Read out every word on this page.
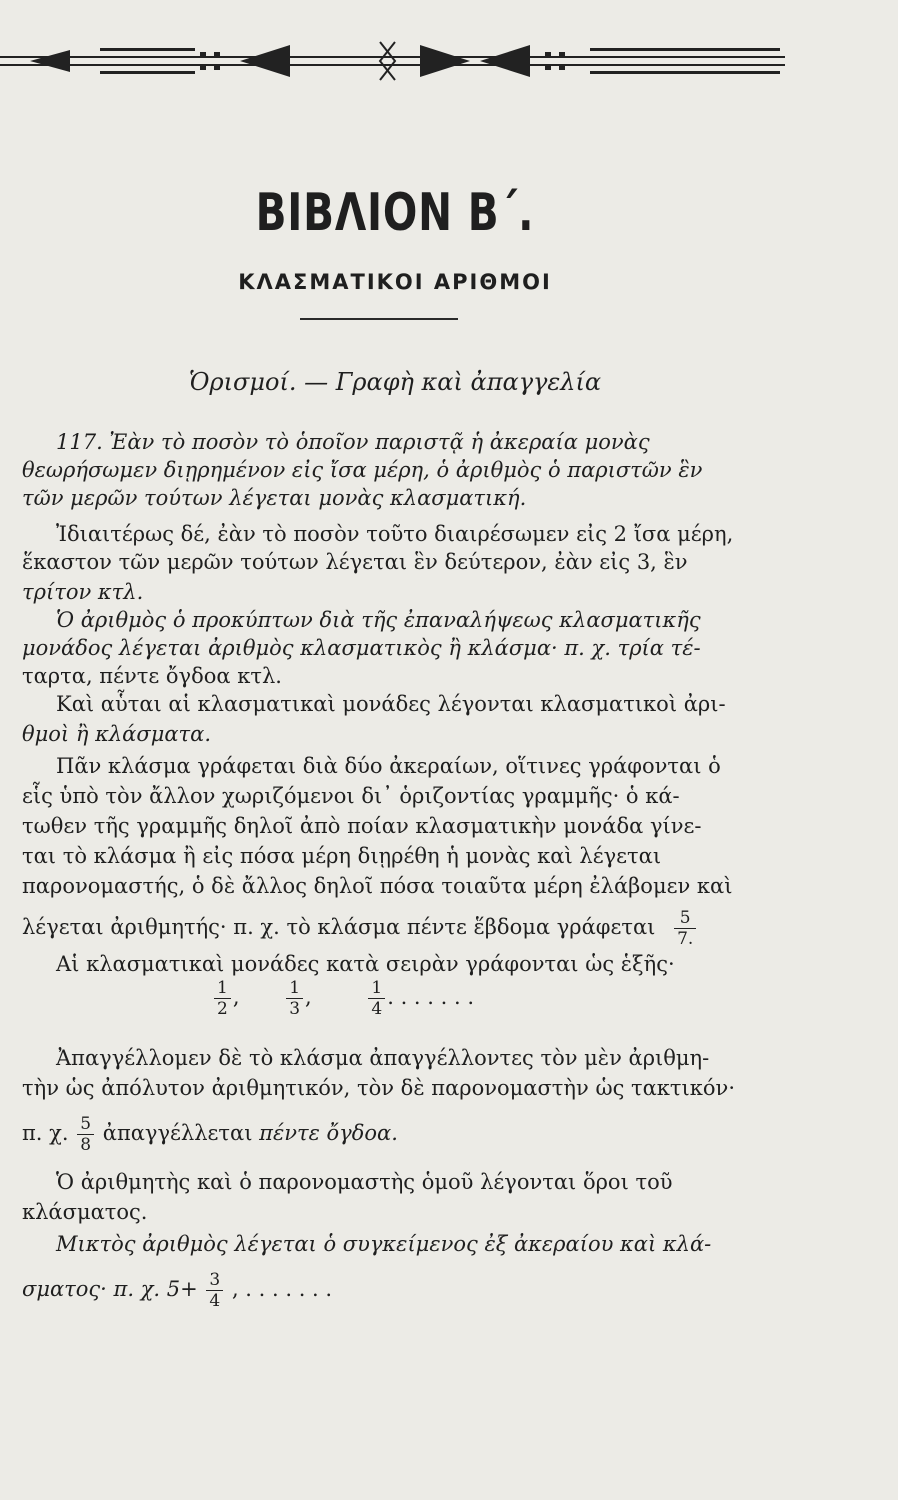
ΒΙΒΛΙΟΝ Β΄.
ΚΛΑΣΜΑΤΙΚΟΙ ΑΡΙΘΜΟΙ
Ὁρισμοί. — Γραφὴ καὶ ἀπαγγελία
117. Ἐὰν τὸ ποσὸν τὸ ὁποῖον παριστᾷ ἡ ἀκεραία μονὰς
θεωρήσωμεν διῃρημένον εἰς ἴσα μέρη, ὁ ἀριθμὸς ὁ παριστῶν ἓν
τῶν μερῶν τούτων λέγεται μονὰς κλασματική.
Ἰδιαιτέρως δέ, ἐὰν τὸ ποσὸν τοῦτο διαιρέσωμεν εἰς 2 ἴσα μέρη,
ἕκαστον τῶν μερῶν τούτων λέγεται ἓν δεύτερον, ἐὰν εἰς 3, ἓν
τρίτον κτλ.
Ὁ ἀριθμὸς ὁ προκύπτων διὰ τῆς ἐπαναλήψεως κλασματικῆς
μονάδος λέγεται ἀριθμὸς κλασματικὸς ἢ κλάσμα· π. χ. τρία τέ-
ταρτα, πέντε ὄγδοα κτλ.
Καὶ αὗται αἱ κλασματικαὶ μονάδες λέγονται κλασματικοὶ ἀρι-
θμοὶ ἢ κλάσματα.
Πᾶν κλάσμα γράφεται διὰ δύο ἀκεραίων, οἵτινες γράφονται ὁ
εἷς ὑπὸ τὸν ἄλλον χωριζόμενοι δι᾽ ὁριζοντίας γραμμῆς· ὁ κά-
τωθεν τῆς γραμμῆς δηλοῖ ἀπὸ ποίαν κλασματικὴν μονάδα γίνε-
ται τὸ κλάσμα ἢ εἰς πόσα μέρη διῃρέθη ἡ μονὰς καὶ λέγεται
παρονομαστής, ὁ δὲ ἄλλος δηλοῖ πόσα τοιαῦτα μέρη ἐλάβομεν καὶ
λέγεται ἀριθμητής· π. χ. τὸ κλάσμα πέντε ἕβδομα γράφεται $\frac{5}{7.}$
Αἱ κλασματικαὶ μονάδες κατὰ σειρὰν γράφονται ὡς ἑξῆς·
$\frac{1}{2}$ ,	$\frac{1}{3}$ ,	$\frac{1}{4}$ . . . . . . .
Ἀπαγγέλλομεν δὲ τὸ κλάσμα ἀπαγγέλλοντες τὸν μὲν ἀριθμη-
τὴν ὡς ἀπόλυτον ἀριθμητικόν, τὸν δὲ παρονομαστὴν ὡς τακτικόν·
π. χ. $\frac{5}{8}$ ἀπαγγέλλεται πέντε ὄγδοα.
Ὁ ἀριθμητὴς καὶ ὁ παρονομαστὴς ὁμοῦ λέγονται ὅροι τοῦ
κλάσματος.
Μικτὸς ἀριθμὸς λέγεται ὁ συγκείμενος ἐξ ἀκεραίου καὶ κλά-
σματος· π. χ. $5+ \frac{3}{4}$ , . . . . . . .
